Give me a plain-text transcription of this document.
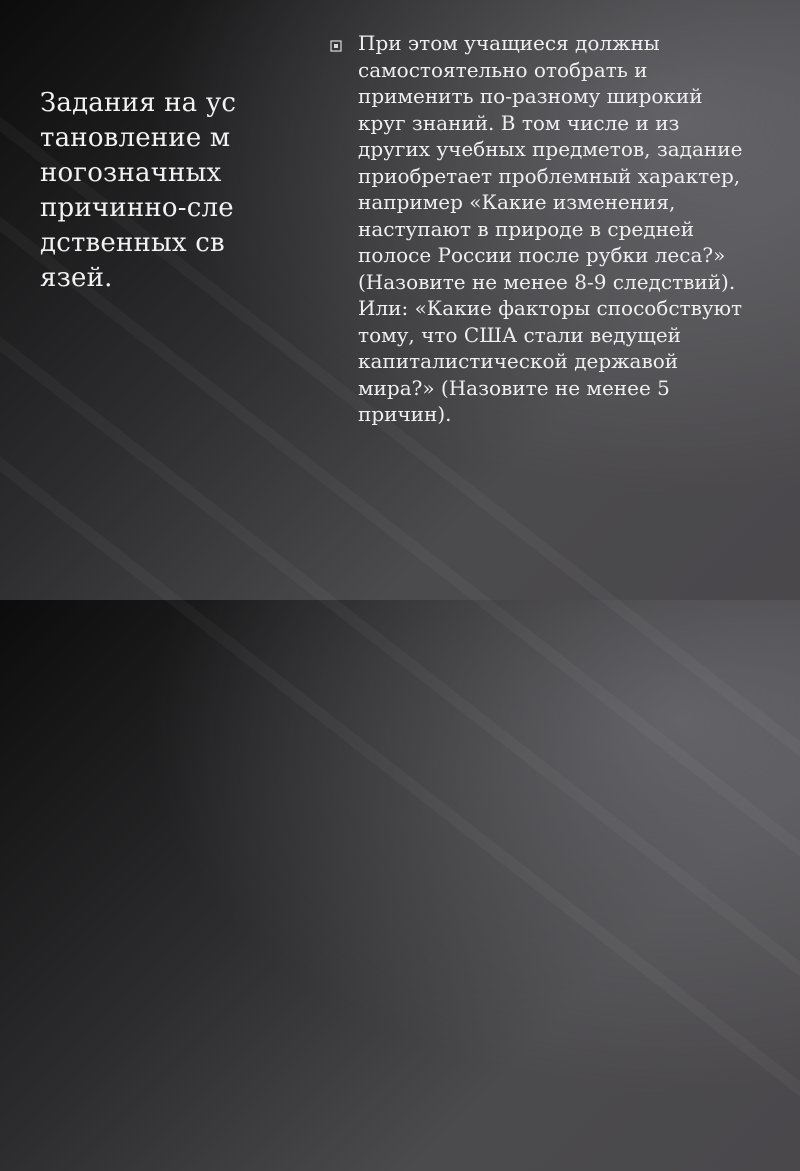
Задания на установление многозначных причинно-следственных связей.
При этом учащиеся должны самостоятельно отобрать и применить по-разному широкий круг знаний. В том числе и из других учебных предметов, задание приобретает проблемный характер, например «Какие изменения, наступают в природе в средней полосе России после рубки леса?» (Назовите не менее 8-9 следствий). Или: «Какие факторы способствуют тому, что США стали ведущей капиталистической державой мира?» (Назовите не менее 5 причин).
